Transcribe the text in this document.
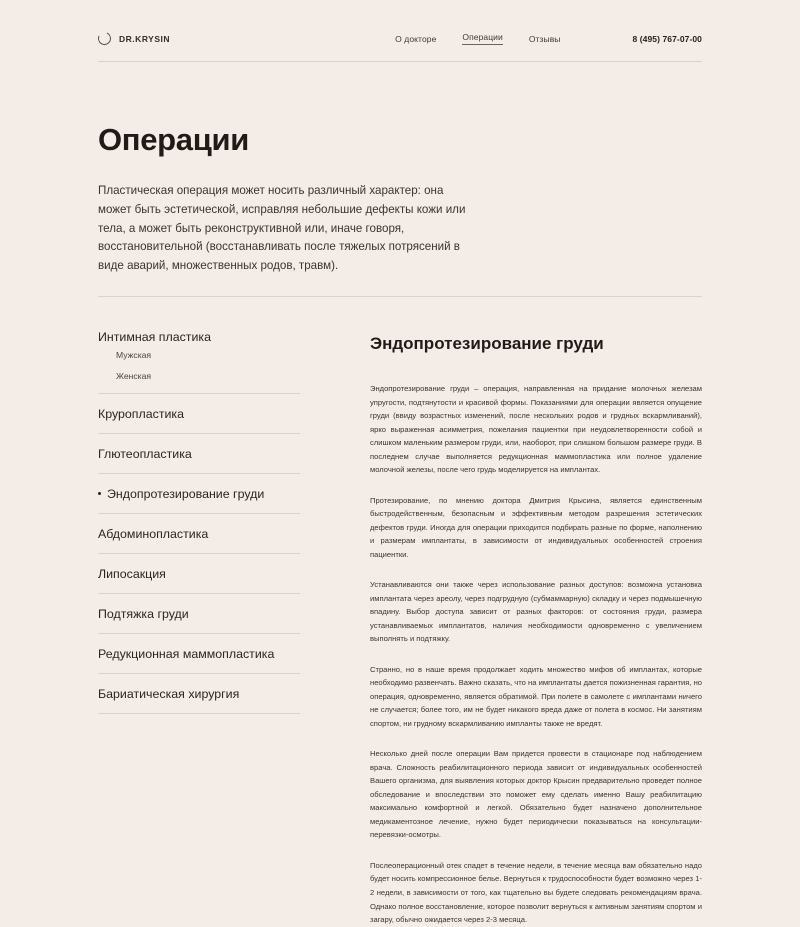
DR.KRYSIN	О докторе	Операции	Отзывы	8 (495) 767-07-00
Операции

Пластическая операция может носить различный характер: она может быть эстетической, исправляя небольшие дефекты кожи или тела, а может быть реконструктивной или, иначе говоря, восстановительной (восстанавливать после тяжелых потрясений в виде аварий, множественных родов, травм).

Интимная пластика
Мужская
Женская
Круропластика
Глютеопластика
Эндопротезирование груди
Абдоминопластика
Липосакция
Подтяжка груди
Редукционная маммопластика
Бариатическая хирургия
Эндопротезирование груди

Эндопротезирование груди – операция, направленная на придание молочных железам упругости, подтянутости и красивой формы. Показаниями для операции является опущение груди (ввиду возрастных изменений, после нескольких родов и грудных вскармливаний), ярко выраженная асимметрия, пожелания пациентки при неудовлетворенности собой и слишком маленьким размером груди, или, наоборот, при слишком большом размере груди. В последнем случае выполняется редукционная маммопластика или полное удаление молочной железы, после чего грудь моделируется на имплантах.

Протезирование, по мнению доктора Дмитрия Крысина, является единственным быстродейственным, безопасным и эффективным методом разрешения эстетических дефектов груди. Иногда для операции приходится подбирать разные по форме, наполнению и размерам имплантаты, в зависимости от индивидуальных особенностей строения пациентки.

Устанавливаются они также через использование разных доступов: возможна установка имплантата через ареолу, через подгрудную (субмаммарную) складку и через подмышечную впадину. Выбор доступа зависит от разных факторов: от состояния груди, размера устанавливаемых имплантатов, наличия необходимости одновременно с увеличением выполнять и подтяжку.

Странно, но в наше время продолжает ходить множество мифов об имплантах, которые необходимо развенчать. Важно сказать, что на имплантаты дается пожизненная гарантия, но операция, одновременно, является обратимой. При полете в самолете с имплантами ничего не случается; более того, им не будет никакого вреда даже от полета в космос. Ни занятиям спортом, ни грудному вскармливанию импланты также не вредят.

Несколько дней после операции Вам придется провести в стационаре под наблюдением врача. Сложность реабилитационного периода зависит от индивидуальных особенностей Вашего организма, для выявления которых доктор Крысин предварительно проведет полное обследование и впоследствии это поможет ему сделать именно Вашу реабилитацию максимально комфортной и легкой. Обязательно будет назначено дополнительное медикаментозное лечение, нужно будет периодически показываться на консультации-перевязки-осмотры.

Послеоперационный отек спадет в течение недели, в течение месяца вам обязательно надо будет носить компрессионное белье. Вернуться к трудоспособности будет возможно через 1-2 недели, в зависимости от того, как тщательно вы будете следовать рекомендациям врача. Однако полное восстановление, которое позволит вернуться к активным занятиям спортом и загару, обычно ожидается через 2-3 месяца.
